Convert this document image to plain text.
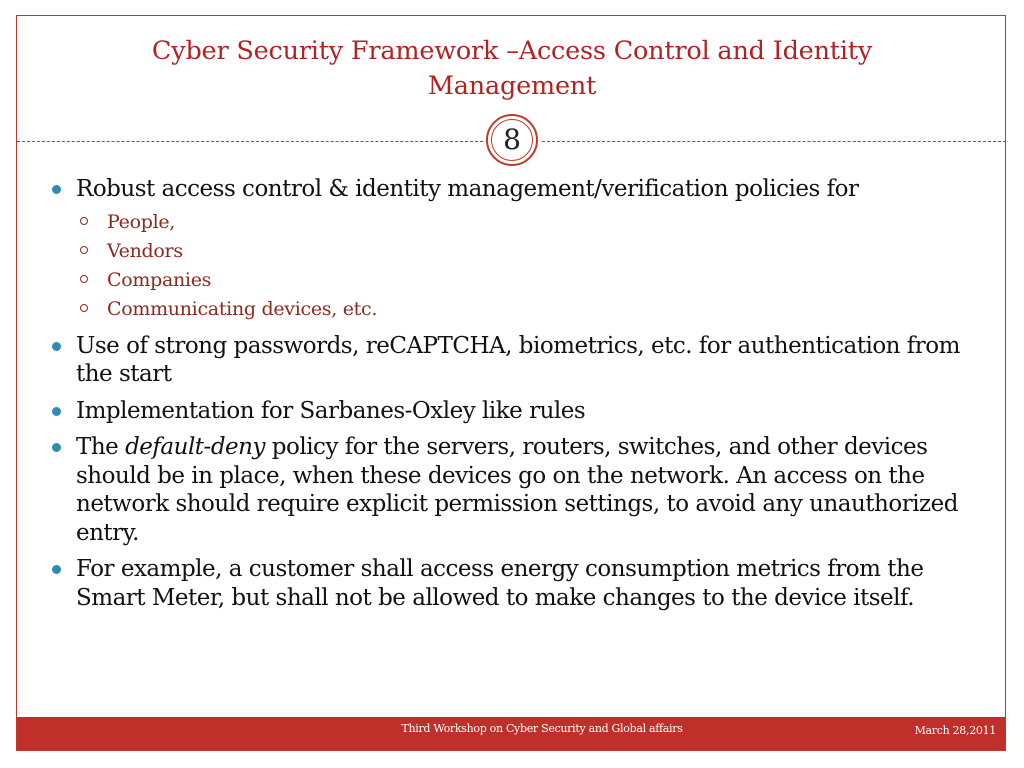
Cyber Security Framework –Access Control and Identity Management
8
Robust access control & identity management/verification policies for
People,
Vendors
Companies
Communicating devices, etc.
Use of strong passwords, reCAPTCHA, biometrics, etc. for authentication from the start
Implementation for Sarbanes-Oxley like rules
The default-deny policy for the servers, routers, switches, and other devices should be in place, when these devices go on the network. An access on the network should require explicit permission settings, to avoid any unauthorized entry.
For example, a customer shall access energy consumption metrics from the Smart Meter, but shall not be allowed to make changes to the device itself.
Third Workshop on Cyber Security and Global affairs	March 28,2011
